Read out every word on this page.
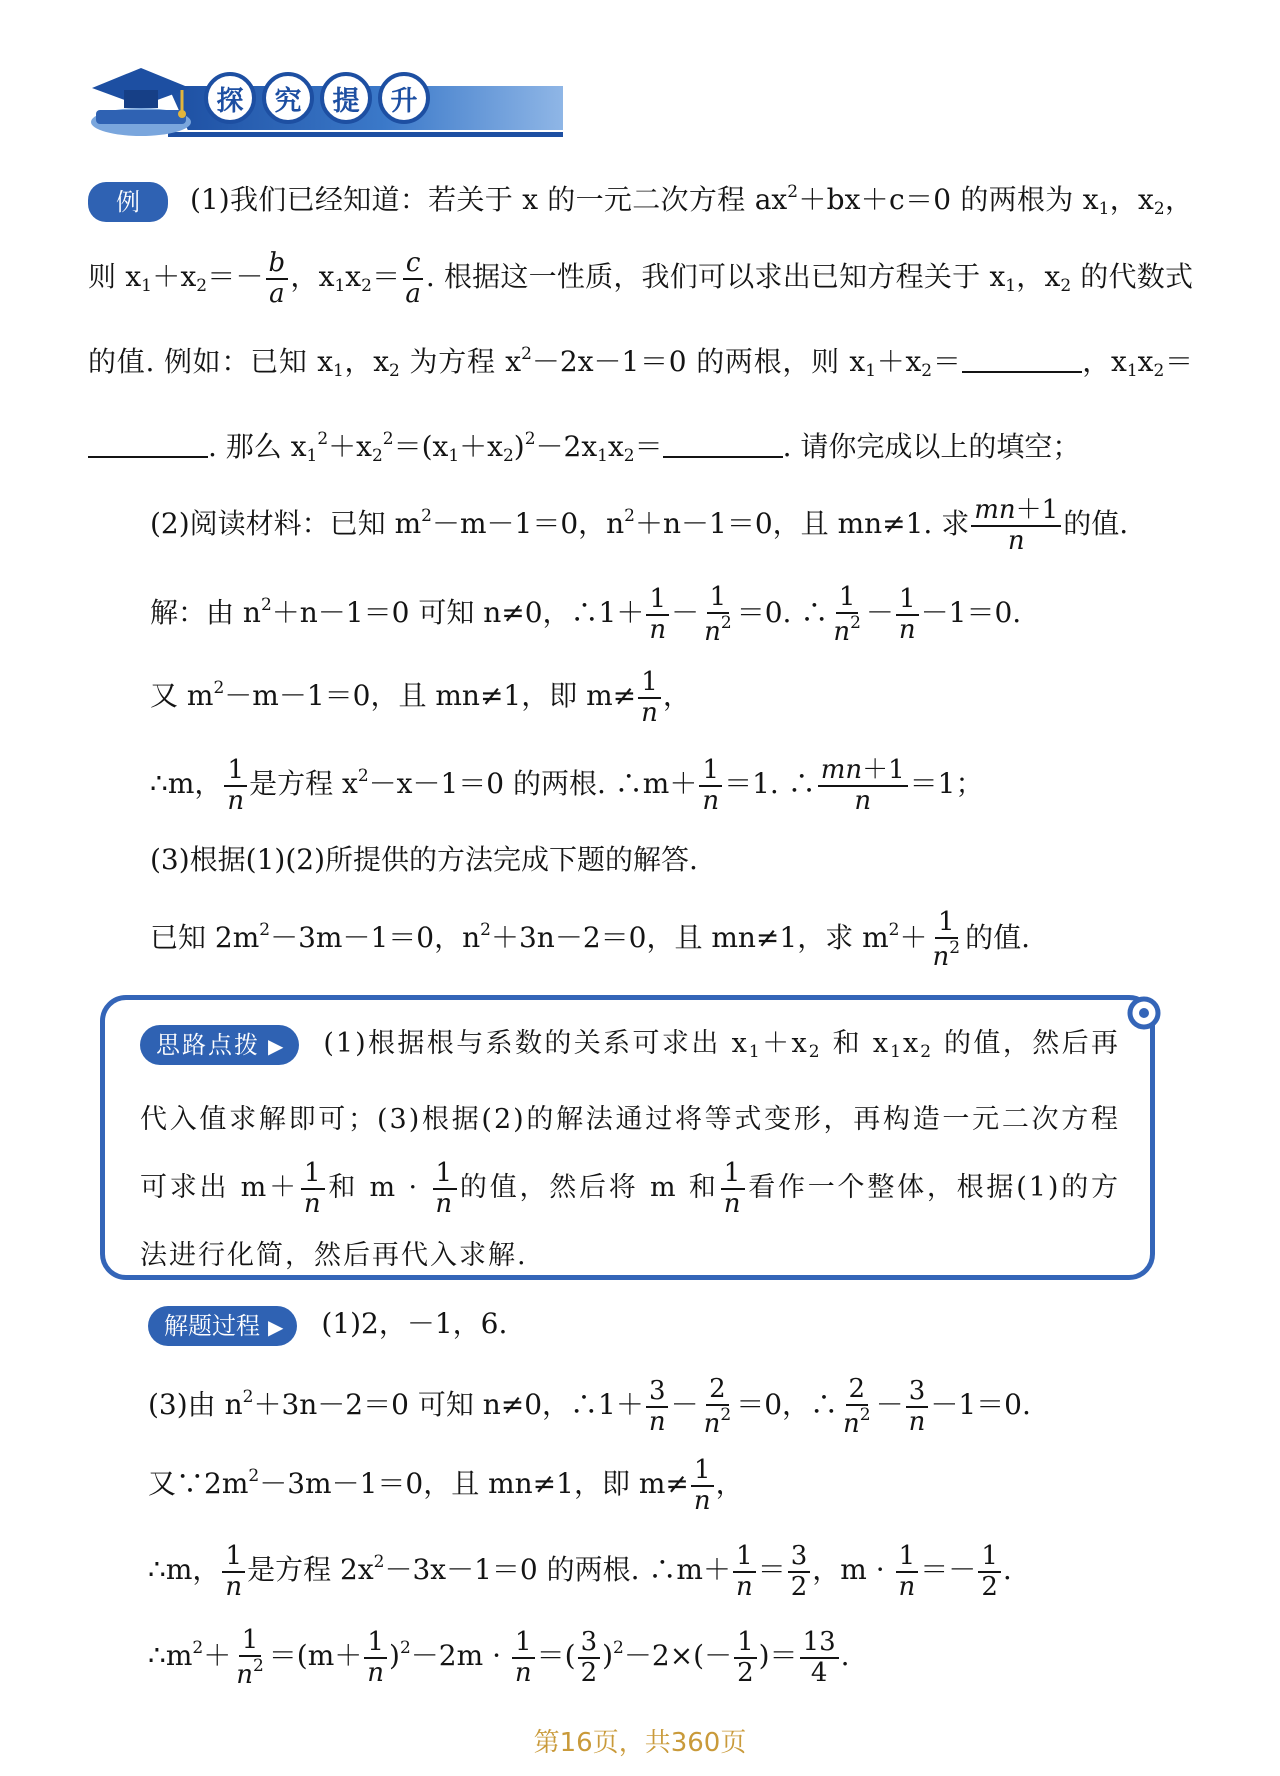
探	究	提	升

例 (1)我们已经知道：若关于 x 的一元二次方程 $ax^2+bx+c=0$ 的两根为 $x_1$，$x_2$，则 $x_1+x_2=- \frac{b}{a}$ ，$x_1x_2= \frac{c}{a}$ . 根据这一性质，我们可以求出已知方程关于 $x_1$，$x_2$ 的代数式的值. 例如：已知 $x_1$，$x_2$ 为方程 $x^2-2x-1=0$ 的两根，则 $x_1+x_2=$	，$x_1x_2=$. 那么 $x_1^2+x_2^2=(x_1+x_2)^2-2x_1x_2=$	. 请你完成以上的填空；

(2)阅读材料：已知 $m^2-m-1=0$，$n^2+n-1=0$，且 mn≠1. 求 $\frac{mn+1}{n}$ 的值.

解：由 $n^2+n-1=0$ 可知 n≠0，∴1＋ $\frac{1}{n} - \frac{1}{n^2} =0$. ∴ $\frac{1}{n^2} - \frac{1}{n} -1=0$.

又 $m^2-m-1=0$，且 mn≠1，即 $m\ne \frac{1}{n}$ ，

∴m， $\frac{1}{n}$ 是方程 $x^2-x-1=0$ 的两根. ∴m＋ $\frac{1}{n} =1$. ∴ $\frac{mn+1}{n} =1$；

(3)根据(1)(2)所提供的方法完成下题的解答.

已知 $2m^2-3m-1=0$，$n^2+3n-2=0$，且 mn≠1，求 $m^2+ \frac{1}{n^2}$ 的值.

思路点拨 ▶ (1)根据根与系数的关系可求出 $x_1+x_2$ 和 $x_1x_2$ 的值，然后再代入值求解即可；(3)根据(2)的解法通过将等式变形，再构造一元二次方程可求出 $m+ \frac{1}{n}$ 和 $m \cdot \frac{1}{n}$ 的值，然后将 m 和 $\frac{1}{n}$ 看作一个整体，根据(1)的方法进行化简，然后再代入求解.

解题过程 ▶ (1)2，－1，6.

(3)由 $n^2+3n-2=0$ 可知 n≠0，∴1＋ $\frac{3}{n} - \frac{2}{n^2} =0$，∴ $\frac{2}{n^2} - \frac{3}{n} -1=0$.

又$\because 2m^2-3m-1=0$，且 mn≠1，即 $m\ne \frac{1}{n}$ ，

∴m， $\frac{1}{n}$ 是方程 $2x^2-3x-1=0$ 的两根. ∴m＋ $\frac{1}{n} = \frac{3}{2}$ ，$m \cdot \frac{1}{n} =- \frac{1}{2}$ .

$\therefore m^2+ \frac{1}{n^2} =(m+ \frac{1}{n} )^2-2m \cdot \frac{1}{n}$ ＝( $\frac{3}{2} )^2-2\times(- \frac{1}{2}$ )＝ $\frac{13}{4}$ .

第16页，共360页
